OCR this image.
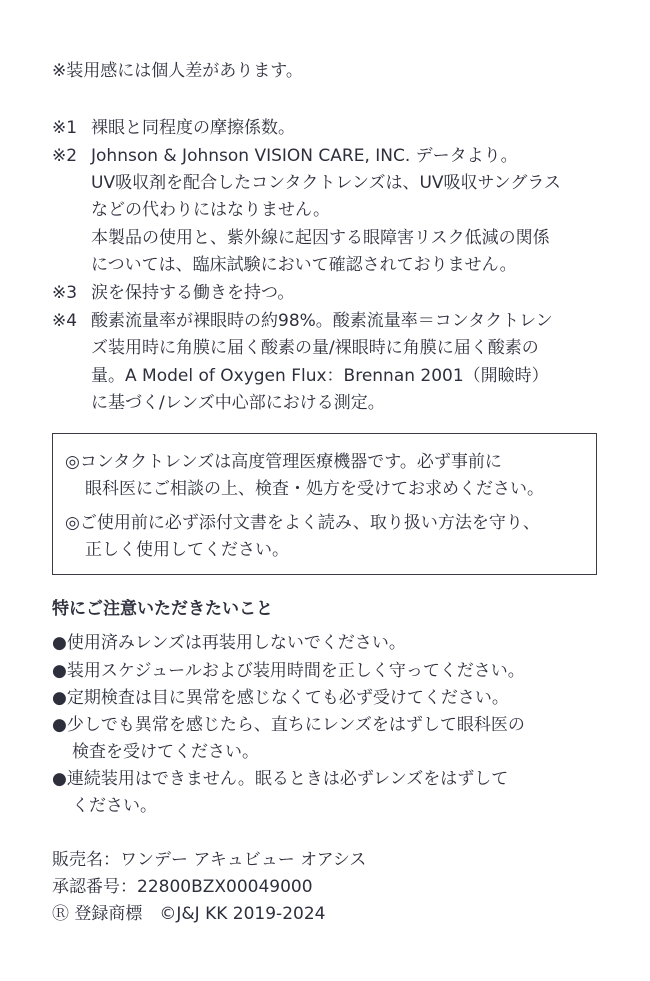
※装用感には個人差があります。
※1 裸眼と同程度の摩擦係数。
※2 Johnson & Johnson VISION CARE, INC. データより。
UV吸収剤を配合したコンタクトレンズは、UV吸収サングラス
などの代わりにはなりません。
本製品の使用と、紫外線に起因する眼障害リスク低減の関係
については、臨床試験において確認されておりません。
※3 涙を保持する働きを持つ。
※4 酸素流量率が裸眼時の約98%。酸素流量率＝コンタクトレン
ズ装用時に角膜に届く酸素の量/裸眼時に角膜に届く酸素の
量。A Model of Oxygen Flux：Brennan 2001（開瞼時）
に基づく/レンズ中心部における測定。
◎コンタクトレンズは高度管理医療機器です。必ず事前に
眼科医にご相談の上、検査・処方を受けてお求めください。
◎ご使用前に必ず添付文書をよく読み、取り扱い方法を守り、
正しく使用してください。
特にご注意いただきたいこと
●使用済みレンズは再装用しないでください。
●装用スケジュールおよび装用時間を正しく守ってください。
●定期検査は目に異常を感じなくても必ず受けてください。
●少しでも異常を感じたら、直ちにレンズをはずして眼科医の
検査を受けてください。
●連続装用はできません。眠るときは必ずレンズをはずして
ください。
販売名：ワンデー アキュビュー オアシス
承認番号：22800BZX00049000
Ⓡ 登録商標　©J&J KK 2019-2024
